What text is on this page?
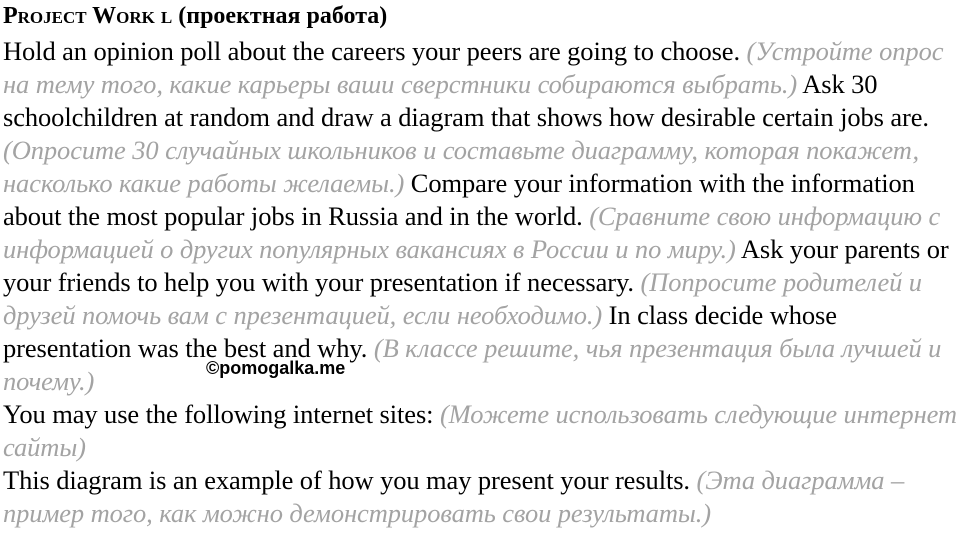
Project Work l (проектная работа)

Hold an opinion poll about the careers your peers are going to choose. (Устройте опрос на тему того, какие карьеры ваши сверстники собираются выбрать.) Ask 30 schoolchildren at random and draw a diagram that shows how desirable certain jobs are. (Опросите 30 случайных школьников и составьте диаграмму, которая покажет, насколько какие работы желаемы.) Compare your information with the information about the most popular jobs in Russia and in the world. (Сравните свою информацию с информацией о других популярных вакансиях в России и по миру.) Ask your parents or your friends to help you with your presentation if necessary. (Попросите родителей и друзей помочь вам с презентацией, если необходимо.) In class decide whose presentation was the best and why. (В классе решите, чья презентация была лучшей и почему.)

You may use the following internet sites: (Можете использовать следующие интернет сайты)

This diagram is an example of how you may present your results. (Эта диаграмма – пример того, как можно демонстрировать свои результаты.)

©pomogalka.me
